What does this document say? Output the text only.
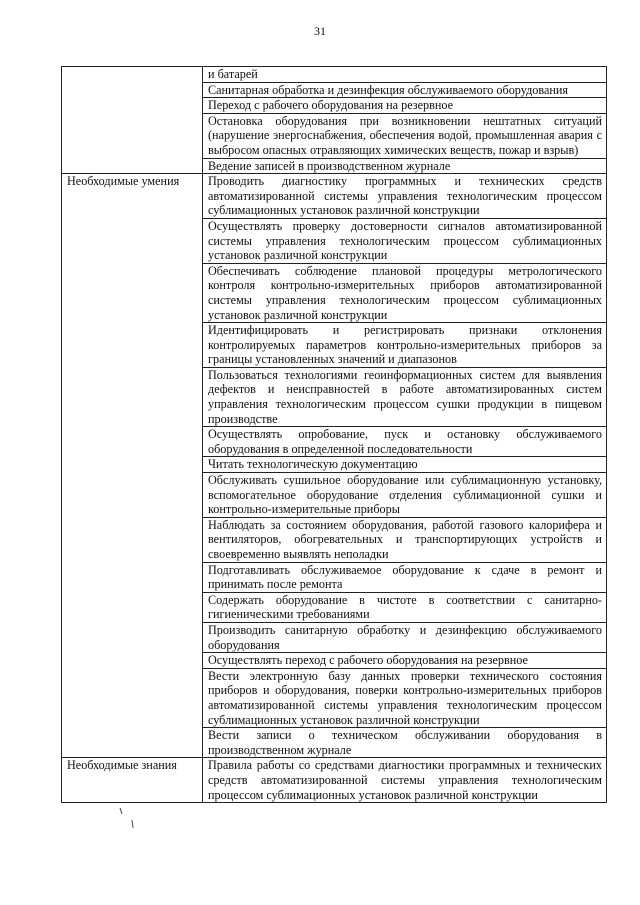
31
	и батарей
	Санитарная обработка и дезинфекция обслуживаемого оборудования
	Переход с рабочего оборудования на резервное
	Остановка оборудования при возникновении нештатных ситуаций (нарушение энергоснабжения, обеспечения водой, промышленная авария с выбросом опасных отравляющих химических веществ, пожар и взрыв)
	Ведение записей в производственном журнале
Необходимые умения	Проводить диагностику программных и технических средств автоматизированной системы управления технологическим процессом сублимационных установок различной конструкции
	Осуществлять проверку достоверности сигналов автоматизированной системы управления технологическим процессом сублимационных установок различной конструкции
	Обеспечивать соблюдение плановой процедуры метрологического контроля контрольно-измерительных приборов автоматизированной системы управления технологическим процессом сублимационных установок различной конструкции
	Идентифицировать и регистрировать признаки отклонения контролируемых параметров контрольно-измерительных приборов за границы установленных значений и диапазонов
	Пользоваться технологиями геоинформационных систем для выявления дефектов и неисправностей в работе автоматизированных систем управления технологическим процессом сушки продукции в пищевом производстве
	Осуществлять опробование, пуск и остановку обслуживаемого оборудования в определенной последовательности
	Читать технологическую документацию
	Обслуживать сушильное оборудование или сублимационную установку, вспомогательное оборудование отделения сублимационной сушки и контрольно-измерительные приборы
	Наблюдать за состоянием оборудования, работой газового калорифера и вентиляторов, обогревательных и транспортирующих устройств и своевременно выявлять неполадки
	Подготавливать обслуживаемое оборудование к сдаче в ремонт и принимать после ремонта
	Содержать оборудование в чистоте в соответствии с санитарно-гигиеническими требованиями
	Производить санитарную обработку и дезинфекцию обслуживаемого оборудования
	Осуществлять переход с рабочего оборудования на резервное
	Вести электронную базу данных проверки технического состояния приборов и оборудования, поверки контрольно-измерительных приборов автоматизированной системы управления технологическим процессом сублимационных установок различной конструкции
	Вести записи о техническом обслуживании оборудования в производственном журнале
Необходимые знания	Правила работы со средствами диагностики программных и технических средств автоматизированной системы управления технологическим процессом сублимационных установок различной конструкции
